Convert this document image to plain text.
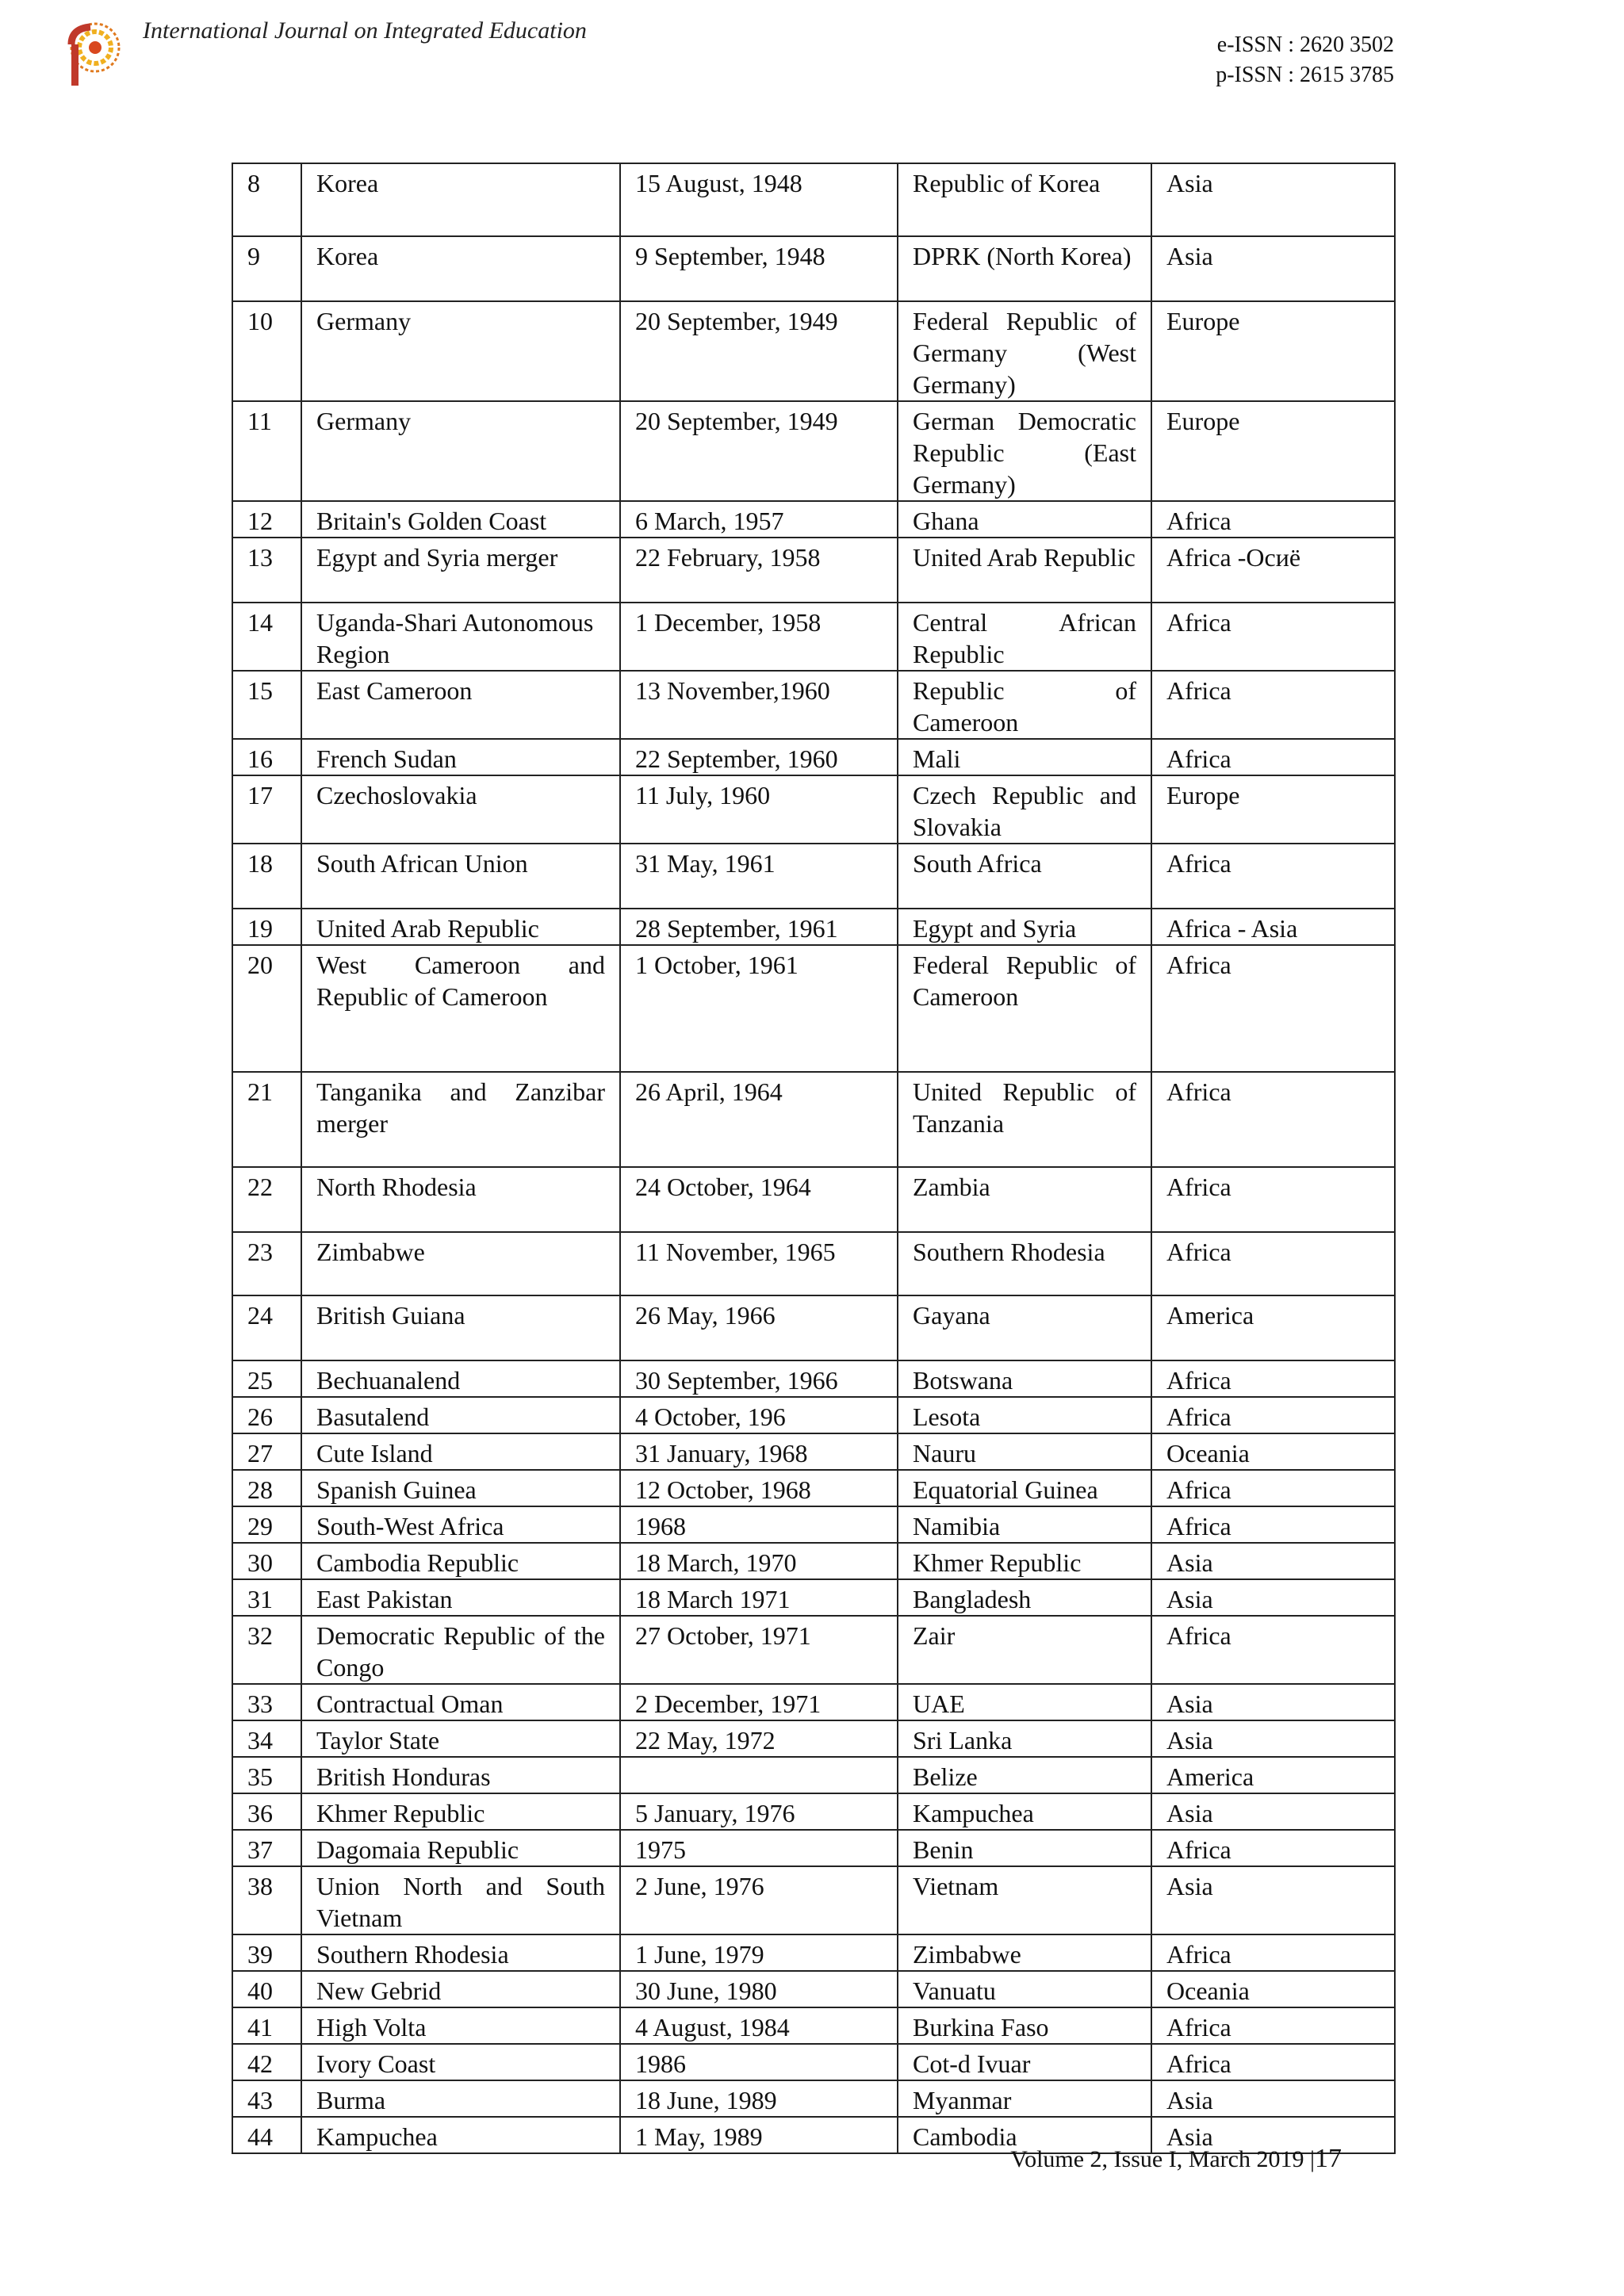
International Journal on Integrated Education
e-ISSN : 2620 3502
p-ISSN : 2615 3785
8	Korea	15 August, 1948	Republic of Korea	Asia
9	Korea	9 September, 1948	DPRK (North Korea)	Asia
10	Germany	20 September, 1949	Federal Republic of Germany (West Germany)	Europe
11	Germany	20 September, 1949	German Democratic Republic (East Germany)	Europe
12	Britain's Golden Coast	6 March, 1957	Ghana	Africa
13	Egypt and Syria merger	22 February, 1958	United Arab Republic	Africa -Осиё
14	Uganda-Shari Autonomous Region	1 December, 1958	Central African Republic	Africa
15	East Cameroon	13 November,1960	Republic of Cameroon	Africa
16	French Sudan	22 September, 1960	Mali	Africa
17	Czechoslovakia	11 July, 1960	Czech Republic and Slovakia	Europe
18	South African Union	31 May, 1961	South Africa	Africa
19	United Arab Republic	28 September, 1961	Egypt and Syria	Africa - Asia
20	West Cameroon and Republic of Cameroon	1 October, 1961	Federal Republic of Cameroon	Africa
21	Tanganika and Zanzibar merger	26 April, 1964	United Republic of Tanzania	Africa
22	North Rhodesia	24 October, 1964	Zambia	Africa
23	Zimbabwe	11 November, 1965	Southern Rhodesia	Africa
24	British Guiana	26 May, 1966	Gayana	America
25	Bechuanalend	30 September, 1966	Botswana	Africa
26	Basutalend	4 October, 196	Lesota	Africa
27	Cute Island	31 January, 1968	Nauru	Oceania
28	Spanish Guinea	12 October, 1968	Equatorial Guinea	Africa
29	South-West Africa	1968	Namibia	Africa
30	Cambodia Republic	18 March, 1970	Khmer Republic	Asia
31	East Pakistan	18 March 1971	Bangladesh	Asia
32	Democratic Republic of the Congo	27 October, 1971	Zair	Africa
33	Contractual Oman	2 December, 1971	UAE	Asia
34	Taylor State	22 May, 1972	Sri Lanka	Asia
35	British Honduras		Belize	America
36	Khmer Republic	5 January, 1976	Kampuchea	Asia
37	Dagomaia Republic	1975	Benin	Africa
38	Union North and South Vietnam	2 June, 1976	Vietnam	Asia
39	Southern Rhodesia	1 June, 1979	Zimbabwe	Africa
40	New Gebrid	30 June, 1980	Vanuatu	Oceania
41	High Volta	4 August, 1984	Burkina Faso	Africa
42	Ivory Coast	1986	Cot-d Ivuar	Africa
43	Burma	18 June, 1989	Myanmar	Asia
44	Kampuchea	1 May, 1989	Cambodia	Asia
Volume 2, Issue I, March 2019 |17
